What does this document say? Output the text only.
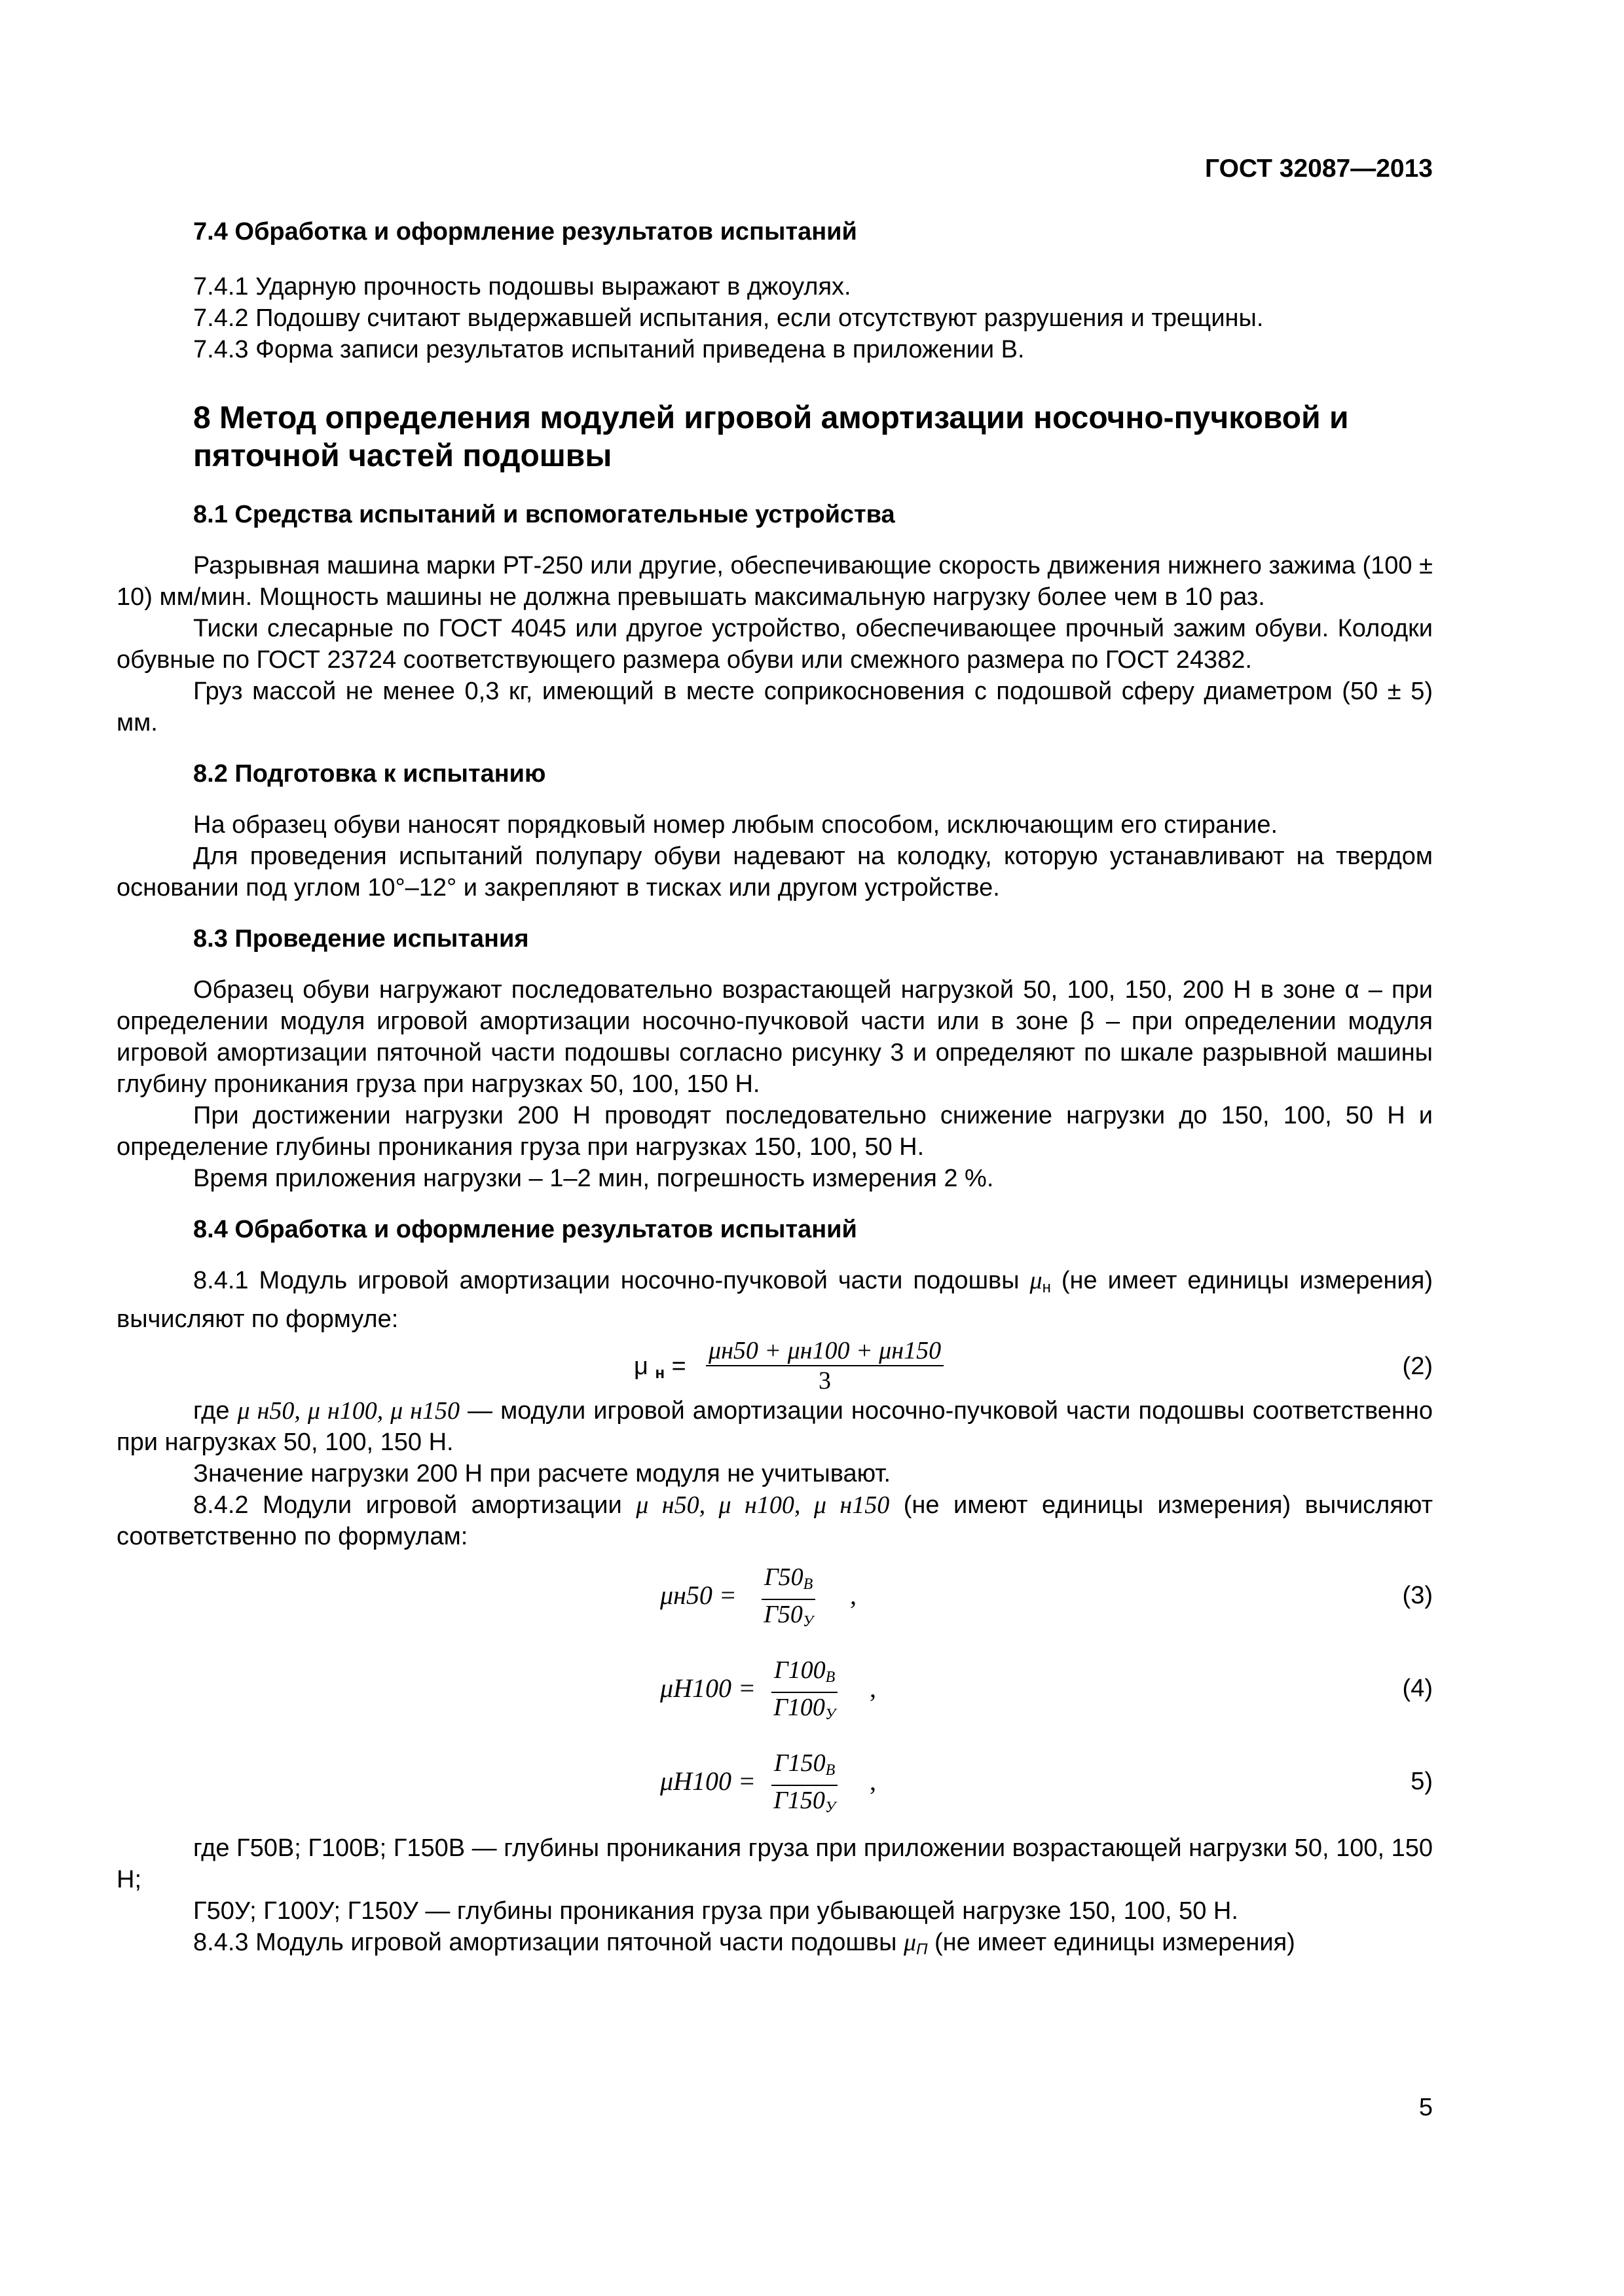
ГОСТ 32087—2013

7.4 Обработка и оформление результатов испытаний

7.4.1 Ударную прочность подошвы выражают в джоулях.

7.4.2 Подошву считают выдержавшей испытания, если отсутствуют разрушения и трещины.

7.4.3 Форма записи результатов испытаний приведена в приложении В.

8 Метод определения модулей игровой амортизации носочно-пучковой и
пяточной частей подошвы

8.1 Средства испытаний и вспомогательные устройства

Разрывная машина марки РТ-250 или другие, обеспечивающие скорость движения нижнего зажима (100 ± 10) мм/мин. Мощность машины не должна превышать максимальную нагрузку более чем в 10 раз.

Тиски слесарные по ГОСТ 4045 или другое устройство, обеспечивающее прочный зажим обуви. Колодки обувные по ГОСТ 23724 соответствующего размера обуви или смежного размера по ГОСТ 24382.

Груз массой не менее 0,3 кг, имеющий в месте соприкосновения с подошвой сферу диаметром (50 ± 5) мм.

8.2 Подготовка к испытанию

На образец обуви наносят порядковый номер любым способом, исключающим его стирание.

Для проведения испытаний полупару обуви надевают на колодку, которую устанавливают на твердом основании под углом 10°–12° и закрепляют в тисках или другом устройстве.

8.3 Проведение испытания

Образец обуви нагружают последовательно возрастающей нагрузкой 50, 100, 150, 200 Н в зоне α – при определении модуля игровой амортизации носочно-пучковой части или в зоне β – при определении модуля игровой амортизации пяточной части подошвы согласно рисунку 3 и определяют по шкале разрывной машины глубину проникания груза при нагрузках 50, 100, 150 Н.

При достижении нагрузки 200 Н проводят последовательно снижение нагрузки до 150, 100, 50 Н и определение глубины проникания груза при нагрузках 150, 100, 50 Н.

Время приложения нагрузки – 1–2 мин, погрешность измерения 2 %.

8.4 Обработка и оформление результатов испытаний

8.4.1 Модуль игровой амортизации носочно-пучковой части подошвы $\mu_н$ (не имеет единицы измерения) вычисляют по формуле:

μ $_н$ =
μн50 + μн100 + μн150
3
(2)

где μ н50, μ н100, μ н150 — модули игровой амортизации носочно-пучковой части подошвы соответственно при нагрузках 50, 100, 150 Н.

Значение нагрузки 200 Н при расчете модуля не учитывают.

8.4.2 Модули игровой амортизации μ н50, μ н100, μ н150 (не имеют единицы измерения) вычисляют соответственно по формулам:

μн50 =
Г50В
Г50У
,	(3)
μН100 =
Г100В
Г100У
,	(4)
μН100 =
Г150В
Г150У
,	5)

где Г50В; Г100В; Г150В — глубины проникания груза при приложении возрастающей нагрузки 50, 100, 150 Н;

Г50У; Г100У; Г150У — глубины проникания груза при убывающей нагрузке 150, 100, 50 Н.

8.4.3 Модуль игровой амортизации пяточной части подошвы μП (не имеет единицы измерения)

5
